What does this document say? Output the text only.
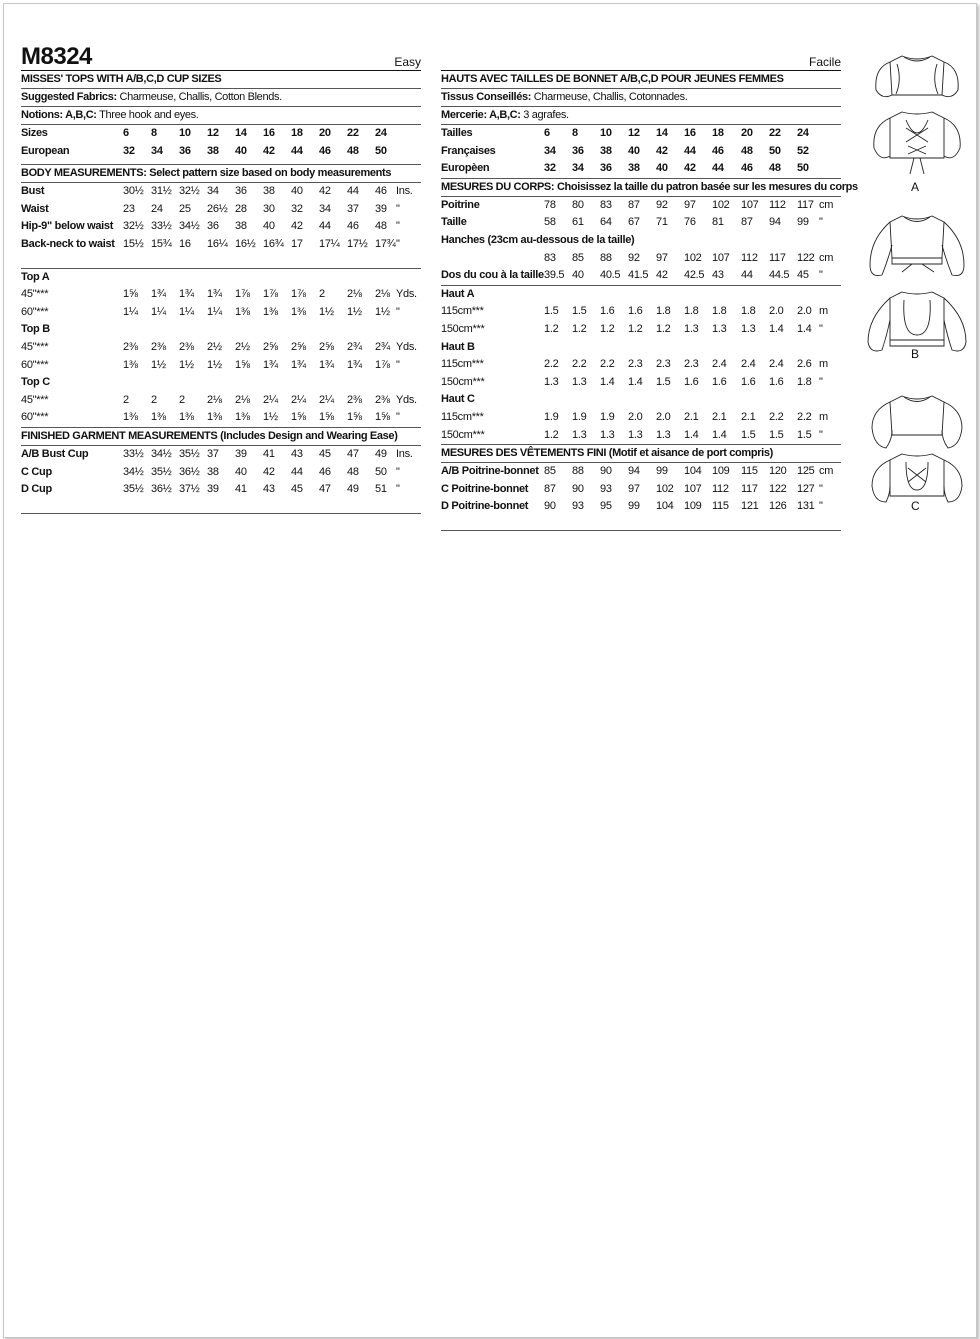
M8324	Easy
MISSES' TOPS WITH A/B,C,D CUP SIZES
Suggested Fabrics: Charmeuse, Challis, Cotton Blends.
Notions: A,B,C: Three hook and eyes.
Sizes	6 8 10 12 14 16 18 20 22 24
European	32 34 36 38 40 42 44 46 48 50
BODY MEASUREMENTS: Select pattern size based on body measurements
Bust	30½ 31½ 32½ 34 36 38 40 42 44 46 Ins.
Waist	23 24 25 26½ 28 30 32 34 37 39 "
Hip-9" below waist 32½ 33½ 34½ 36 38 40 42 44 46 48 "
Back-neck to waist 15½ 15¾ 16 16¼ 16½ 16¾ 17 17¼ 17½ 17¾ "
Top A
45"***	1⅝ 1¾ 1¾ 1¾ 1⅞ 1⅞ 1⅞ 2 2⅛ 2⅛ Yds.
60"***	1¼ 1¼ 1¼ 1¼ 1⅜ 1⅜ 1⅜ 1½ 1½ 1½ "
Top B
45"***	2⅜ 2⅜ 2⅜ 2½ 2½ 2⅝ 2⅝ 2⅝ 2¾ 2¾ Yds.
60"***	1⅜ 1½ 1½ 1½ 1⅝ 1¾ 1¾ 1¾ 1¾ 1⅞ "
Top C
45"***	2 2 2 2⅛ 2⅛ 2¼ 2¼ 2¼ 2⅜ 2⅜ Yds.
60"***	1⅜ 1⅜ 1⅜ 1⅜ 1⅜ 1½ 1⅝ 1⅝ 1⅝ 1⅝ "
FINISHED GARMENT MEASUREMENTS (Includes Design and Wearing Ease)
A/B Bust Cup	33½ 34½ 35½ 37 39 41 43 45 47 49 Ins.
C Cup	34½ 35½ 36½ 38 40 42 44 46 48 50 "
D Cup	35½ 36½ 37½ 39 41 43 45 47 49 51 "
Facile
HAUTS AVEC TAILLES DE BONNET A/B,C,D POUR JEUNES FEMMES
Tissus Conseillés: Charmeuse, Challis, Cotonnades.
Mercerie: A,B,C: 3 agrafes.
Tailles	6 8 10 12 14 16 18 20 22 24
Françaises	34 36 38 40 42 44 46 48 50 52
Europèen	32 34 36 38 40 42 44 46 48 50
MESURES DU CORPS: Choisissez la taille du patron basée sur les mesures du corps
Poitrine	78 80 83 87 92 97 102 107 112 117 cm
Taille	58 61 64 67 71 76 81 87 94 99 "
Hanches (23cm au-dessous de la taille)
83 85 88 92 97 102 107 112 117 122 cm
Dos du cou à la taille 39.5 40 40.5 41.5 42 42.5 43 44 44.5 45 "
Haut A
115cm***	1.5 1.5 1.6 1.6 1.8 1.8 1.8 1.8 2.0 2.0 m
150cm***	1.2 1.2 1.2 1.2 1.2 1.3 1.3 1.3 1.4 1.4 "
Haut B
115cm***	2.2 2.2 2.2 2.3 2.3 2.3 2.4 2.4 2.4 2.6 m
150cm***	1.3 1.3 1.4 1.4 1.5 1.6 1.6 1.6 1.6 1.8 "
Haut C
115cm***	1.9 1.9 1.9 2.0 2.0 2.1 2.1 2.1 2.2 2.2 m
150cm***	1.2 1.3 1.3 1.3 1.3 1.4 1.4 1.5 1.5 1.5 "
MESURES DES VÊTEMENTS FINI (Motif et aisance de port compris)
A/B Poitrine-bonnet 85 88 90 94 99 104 109 115 120 125 cm
C Poitrine-bonnet 87 90 93 97 102 107 112 117 122 127 "
D Poitrine-bonnet 90 93 95 99 104 109 115 121 126 131 "
A
B
C
